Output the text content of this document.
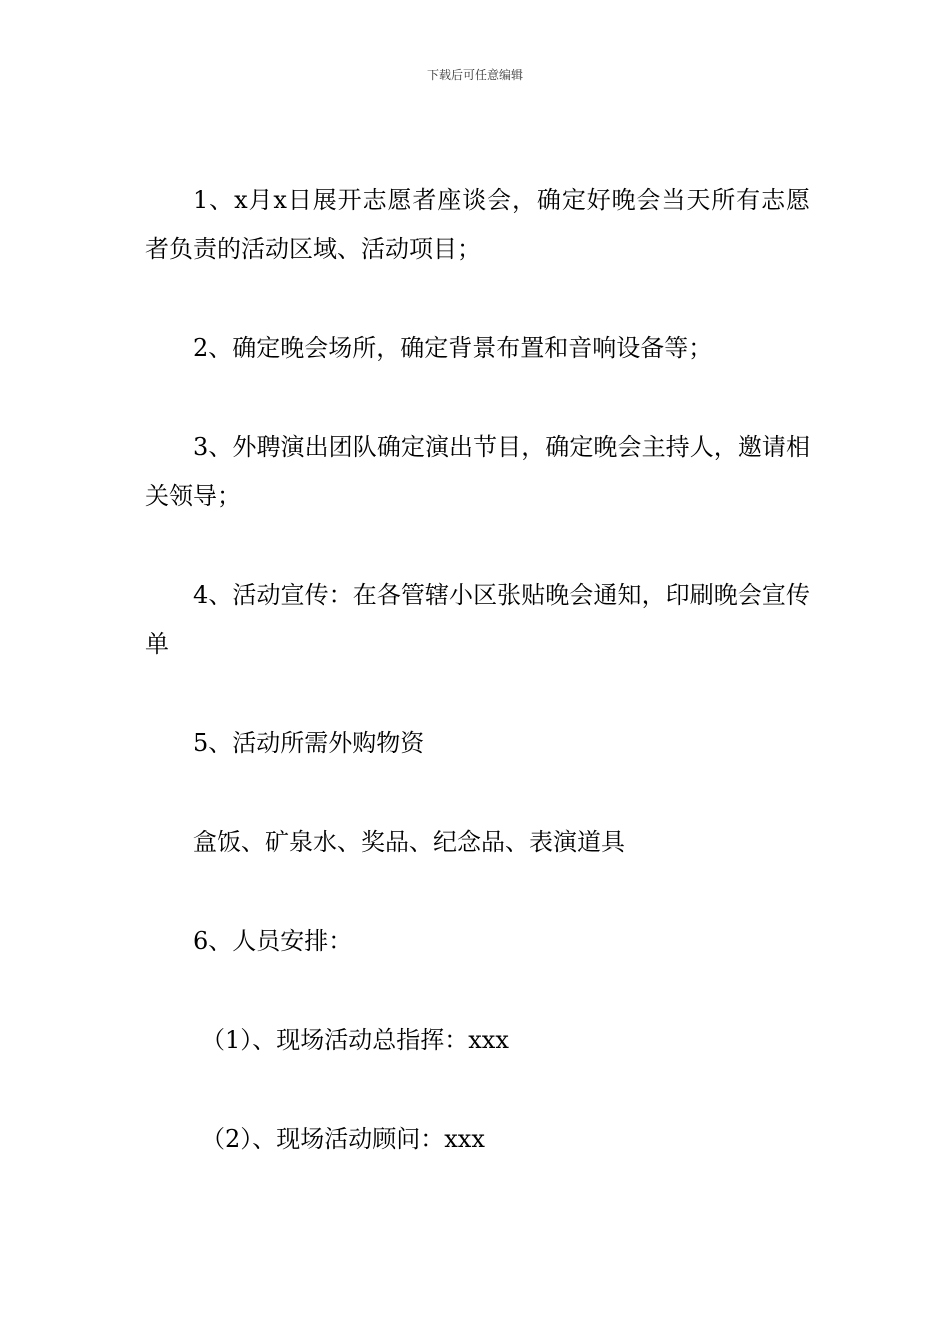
下载后可任意编辑

1、x月x日展开志愿者座谈会，确定好晚会当天所有志愿者负责的活动区域、活动项目；

2、确定晚会场所，确定背景布置和音响设备等；

3、外聘演出团队确定演出节目，确定晚会主持人，邀请相关领导；

4、活动宣传：在各管辖小区张贴晚会通知，印刷晚会宣传单

5、活动所需外购物资

盒饭、矿泉水、奖品、纪念品、表演道具

6、人员安排：

（1）、现场活动总指挥：xxx

（2）、现场活动顾问：xxx
